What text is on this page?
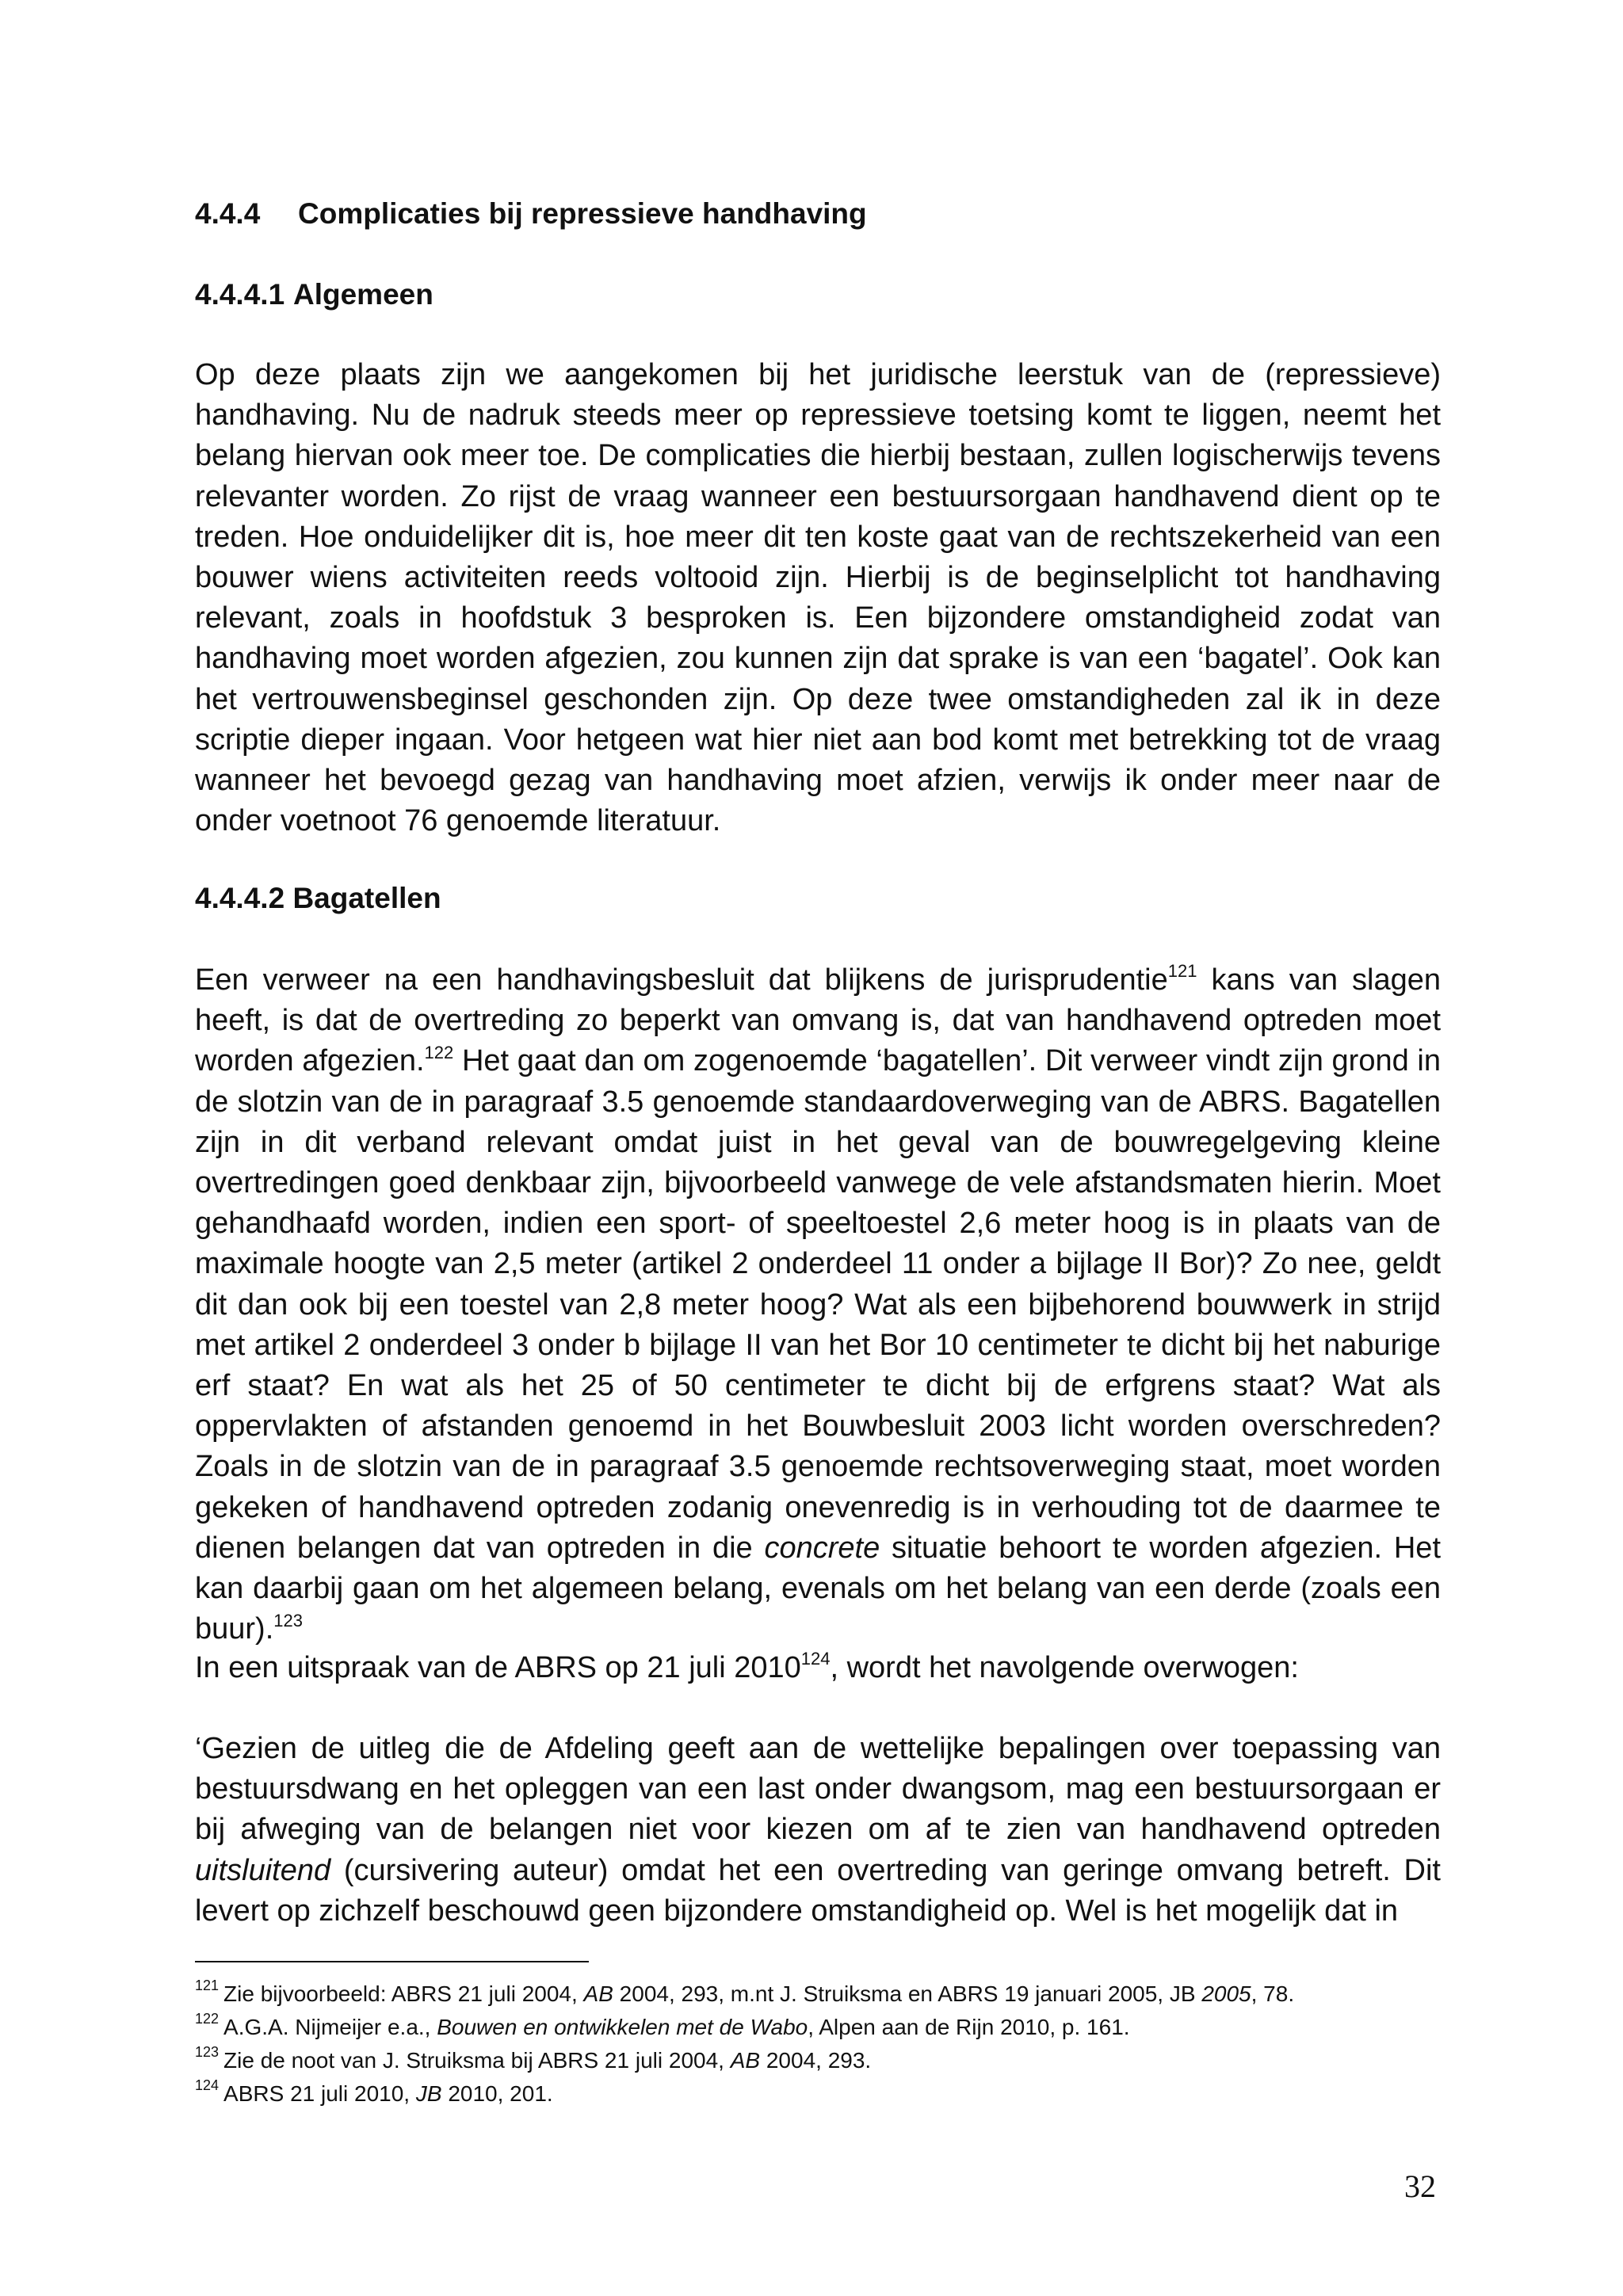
4.4.4 Complicaties bij repressieve handhaving
4.4.4.1 Algemeen
Op deze plaats zijn we aangekomen bij het juridische leerstuk van de (repressieve) handhaving. Nu de nadruk steeds meer op repressieve toetsing komt te liggen, neemt het belang hiervan ook meer toe. De complicaties die hierbij bestaan, zullen logischerwijs tevens relevanter worden. Zo rijst de vraag wanneer een bestuursorgaan handhavend dient op te treden. Hoe onduidelijker dit is, hoe meer dit ten koste gaat van de rechtszekerheid van een bouwer wiens activiteiten reeds voltooid zijn. Hierbij is de beginselplicht tot handhaving relevant, zoals in hoofdstuk 3 besproken is. Een bijzondere omstandigheid zodat van handhaving moet worden afgezien, zou kunnen zijn dat sprake is van een ‘bagatel’. Ook kan het vertrouwensbeginsel geschonden zijn. Op deze twee omstandigheden zal ik in deze scriptie dieper ingaan. Voor hetgeen wat hier niet aan bod komt met betrekking tot de vraag wanneer het bevoegd gezag van handhaving moet afzien, verwijs ik onder meer naar de onder voetnoot 76 genoemde literatuur.
4.4.4.2 Bagatellen
Een verweer na een handhavingsbesluit dat blijkens de jurisprudentie$^{121}$ kans van slagen heeft, is dat de overtreding zo beperkt van omvang is, dat van handhavend optreden moet worden afgezien.$^{122}$ Het gaat dan om zogenoemde ‘bagatellen’. Dit verweer vindt zijn grond in de slotzin van de in paragraaf 3.5 genoemde standaardoverweging van de ABRS. Bagatellen zijn in dit verband relevant omdat juist in het geval van de bouwregelgeving kleine overtredingen goed denkbaar zijn, bijvoorbeeld vanwege de vele afstandsmaten hierin. Moet gehandhaafd worden, indien een sport- of speeltoestel 2,6 meter hoog is in plaats van de maximale hoogte van 2,5 meter (artikel 2 onderdeel 11 onder a bijlage II Bor)? Zo nee, geldt dit dan ook bij een toestel van 2,8 meter hoog? Wat als een bijbehorend bouwwerk in strijd met artikel 2 onderdeel 3 onder b bijlage II van het Bor 10 centimeter te dicht bij het naburige erf staat? En wat als het 25 of 50 centimeter te dicht bij de erfgrens staat? Wat als oppervlakten of afstanden genoemd in het Bouwbesluit 2003 licht worden overschreden? Zoals in de slotzin van de in paragraaf 3.5 genoemde rechtsoverweging staat, moet worden gekeken of handhavend optreden zodanig onevenredig is in verhouding tot de daarmee te dienen belangen dat van optreden in die concrete situatie behoort te worden afgezien. Het kan daarbij gaan om het algemeen belang, evenals om het belang van een derde (zoals een buur).$^{123}$
In een uitspraak van de ABRS op 21 juli 2010$^{124}$, wordt het navolgende overwogen:
‘Gezien de uitleg die de Afdeling geeft aan de wettelijke bepalingen over toepassing van bestuursdwang en het opleggen van een last onder dwangsom, mag een bestuursorgaan er bij afweging van de belangen niet voor kiezen om af te zien van handhavend optreden uitsluitend (cursivering auteur) omdat het een overtreding van geringe omvang betreft. Dit levert op zichzelf beschouwd geen bijzondere omstandigheid op. Wel is het mogelijk dat in
$^{121}$ Zie bijvoorbeeld: ABRS 21 juli 2004, AB 2004, 293, m.nt J. Struiksma en ABRS 19 januari 2005, JB 2005, 78.
$^{122}$ A.G.A. Nijmeijer e.a., Bouwen en ontwikkelen met de Wabo, Alpen aan de Rijn 2010, p. 161.
$^{123}$ Zie de noot van J. Struiksma bij ABRS 21 juli 2004, AB 2004, 293.
$^{124}$ ABRS 21 juli 2010, JB 2010, 201.
32
